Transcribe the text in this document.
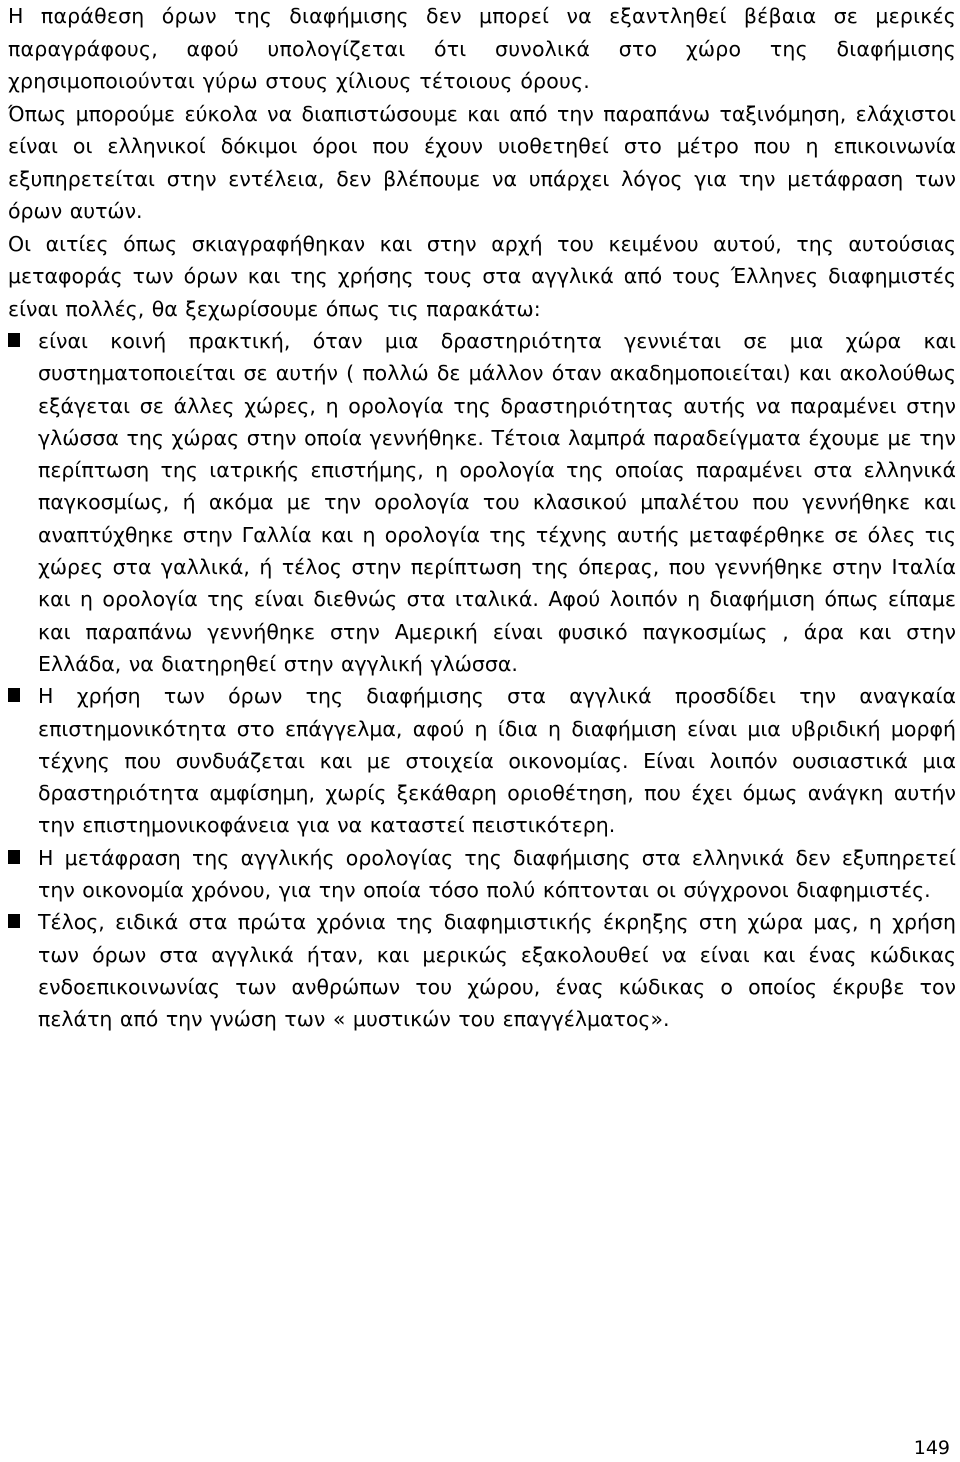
Η παράθεση όρων της διαφήμισης δεν μπορεί να εξαντληθεί βέβαια σε μερικές παραγράφους, αφού υπολογίζεται ότι συνολικά στο χώρο της διαφήμισης χρησιμοποιούνται γύρω στους χίλιους τέτοιους όρους.

Όπως μπορούμε εύκολα να διαπιστώσουμε και από την παραπάνω ταξινόμηση, ελάχιστοι είναι οι ελληνικοί δόκιμοι όροι που έχουν υιοθετηθεί στο μέτρο που η επικοινωνία εξυπηρετείται στην εντέλεια, δεν βλέπουμε να υπάρχει λόγος για την μετάφραση των όρων αυτών.

Οι αιτίες όπως σκιαγραφήθηκαν και στην αρχή του κειμένου αυτού, της αυτούσιας μεταφοράς των όρων και της χρήσης τους στα αγγλικά από τους Έλληνες διαφημιστές είναι πολλές, θα ξεχωρίσουμε όπως τις παρακάτω:

είναι κοινή πρακτική, όταν μια δραστηριότητα γεννιέται σε μια χώρα και συστηματοποιείται σε αυτήν ( πολλώ δε μάλλον όταν ακαδημοποιείται) και ακολούθως εξάγεται σε άλλες χώρες, η ορολογία της δραστηριότητας αυτής να παραμένει στην γλώσσα της χώρας στην οποία γεννήθηκε. Τέτοια λαμπρά παραδείγματα έχουμε με την περίπτωση της ιατρικής επιστήμης, η ορολογία της οποίας παραμένει στα ελληνικά παγκοσμίως, ή ακόμα με την ορολογία του κλασικού μπαλέτου που γεννήθηκε και αναπτύχθηκε στην Γαλλία και η ορολογία της τέχνης αυτής μεταφέρθηκε σε όλες τις χώρες στα γαλλικά, ή τέλος στην περίπτωση της όπερας, που γεννήθηκε στην Ιταλία και η ορολογία της είναι διεθνώς στα ιταλικά. Αφού λοιπόν η διαφήμιση όπως είπαμε και παραπάνω γεννήθηκε στην Αμερική είναι φυσικό παγκοσμίως , άρα και στην Ελλάδα, να διατηρηθεί στην αγγλική γλώσσα.
Η χρήση των όρων της διαφήμισης στα αγγλικά προσδίδει την αναγκαία επιστημονικότητα στο επάγγελμα, αφού η ίδια η διαφήμιση είναι μια υβριδική μορφή τέχνης που συνδυάζεται και με στοιχεία οικονομίας. Είναι λοιπόν ουσιαστικά μια δραστηριότητα αμφίσημη, χωρίς ξεκάθαρη οριοθέτηση, που έχει όμως ανάγκη αυτήν την επιστημονικοφάνεια για να καταστεί πειστικότερη.
Η μετάφραση της αγγλικής ορολογίας της διαφήμισης στα ελληνικά δεν εξυπηρετεί την οικονομία χρόνου, για την οποία τόσο πολύ κόπτονται οι σύγχρονοι διαφημιστές.
Τέλος, ειδικά στα πρώτα χρόνια της διαφημιστικής έκρηξης στη χώρα μας, η χρήση των όρων στα αγγλικά ήταν, και μερικώς εξακολουθεί να είναι και ένας κώδικας ενδοεπικοινωνίας των ανθρώπων του χώρου, ένας κώδικας ο οποίος έκρυβε τον πελάτη από την γνώση των « μυστικών του επαγγέλματος».
149
